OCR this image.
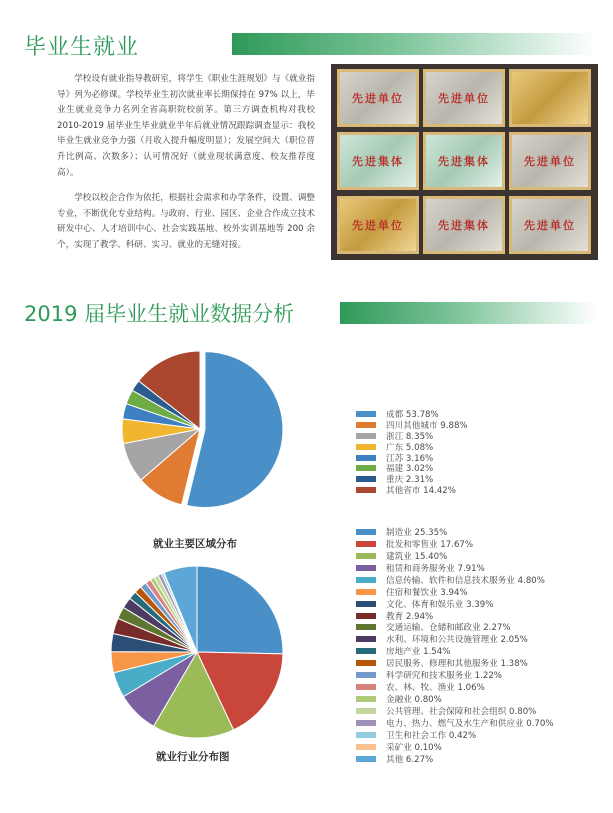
毕业生就业

学校设有就业指导教研室，将学生《职业生涯规划》与《就业指导》列为必修课。学校毕业生初次就业率长期保持在 97% 以上，毕业生就业竞争力名列全省高职院校前茅。第三方调查机构对我校 2010-2019 届毕业生毕业就业半年后就业情况跟踪调查显示：我校毕业生就业竞争力强（月收入提升幅度明显）；发展空间大（职位晋升比例高、次数多）；认可情况好（就业现状满意度、校友推荐度高）。

学校以校企合作为依托，根据社会需求和办学条件，设置、调整专业，不断优化专业结构。与政府、行业、园区、企业合作成立技术研发中心、人才培训中心、社会实践基地、校外实训基地等 200 余个，实现了教学、科研、实习、就业的无缝对接。

先进单位	先进单位
先进集体	先进集体	先进单位
先进单位	先进集体	先进单位
2019 届毕业生就业数据分析
就业主要区域分布
成都 53.78%
四川其他城市 9.88%
浙江 8.35%
广东 5.08%
江苏 3.16%
福建 3.02%
重庆 2.31%
其他省市 14.42%
就业行业分布图
制造业 25.35%
批发和零售业 17.67%
建筑业 15.40%
租赁和商务服务业 7.91%
信息传输、软件和信息技术服务业 4.80%
住宿和餐饮业 3.94%
文化、体育和娱乐业 3.39%
教育 2.94%
交通运输、仓储和邮政业 2.27%
水利、环境和公共设施管理业 2.05%
房地产业 1.54%
居民服务、修理和其他服务业 1.38%
科学研究和技术服务业 1.22%
农、林、牧、渔业 1.06%
金融业 0.80%
公共管理、社会保障和社会组织 0.80%
电力、热力、燃气及水生产和供应业 0.70%
卫生和社会工作 0.42%
采矿业 0.10%
其他 6.27%
